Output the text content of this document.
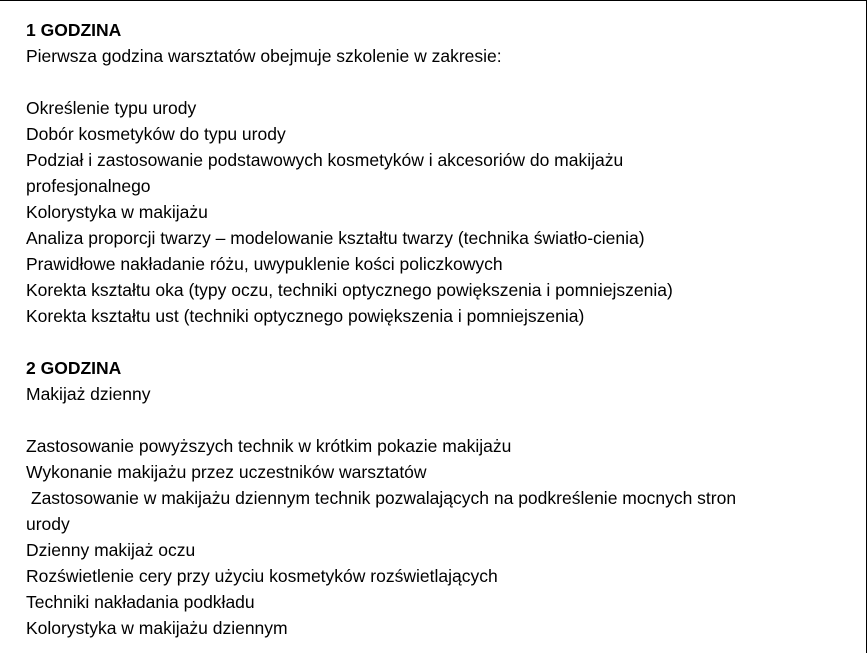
1 GODZINA
Pierwsza godzina warsztatów obejmuje szkolenie w zakresie:
Określenie typu urody
Dobór kosmetyków do typu urody
Podział i zastosowanie podstawowych kosmetyków i akcesoriów do makijażu
profesjonalnego
Kolorystyka w makijażu
Analiza proporcji twarzy – modelowanie kształtu twarzy (technika światło-cienia)
Prawidłowe nakładanie różu, uwypuklenie kości policzkowych
Korekta kształtu oka (typy oczu, techniki optycznego powiększenia i pomniejszenia)
Korekta kształtu ust (techniki optycznego powiększenia i pomniejszenia)
2 GODZINA
Makijaż dzienny
Zastosowanie powyższych technik w krótkim pokazie makijażu
Wykonanie makijażu przez uczestników warsztatów
Zastosowanie w makijażu dziennym technik pozwalających na podkreślenie mocnych stron
urody
Dzienny makijaż oczu
Rozświetlenie cery przy użyciu kosmetyków rozświetlających
Techniki nakładania podkładu
Kolorystyka w makijażu dziennym
